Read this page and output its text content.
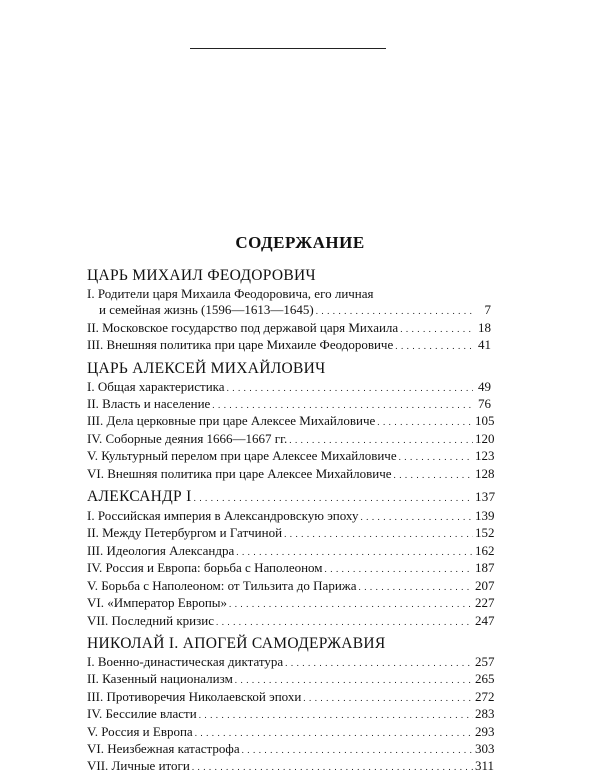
СОДЕРЖАНИЕ
ЦАРЬ МИХАИЛ ФЕОДОРОВИЧ
I. Родители царя Михаила Феодоровича, его личная
и семейная жизнь (1596—1613—1645) . . .	7
II. Московское государство под державой царя Михаила . . .	18
III. Внешняя политика при царе Михаиле Феодоровиче . . .	41
ЦАРЬ АЛЕКСЕЙ МИХАЙЛОВИЧ
I. Общая характеристика . . .	49
II. Власть и население . . .	76
III. Дела церковные при царе Алексее Михайловиче . . .	105
IV. Соборные деяния 1666—1667 гг. . . .	120
V. Культурный перелом при царе Алексее Михайловиче . . .	123
VI. Внешняя политика при царе Алексее Михайловиче . . .	128
АЛЕКСАНДР I . . .	137
I. Российская империя в Александровскую эпоху . . .	139
II. Между Петербургом и Гатчиной . . .	152
III. Идеология Александра . . .	162
IV. Россия и Европа: борьба с Наполеоном . . .	187
V. Борьба с Наполеоном: от Тильзита до Парижа . . .	207
VI. «Император Европы» . . .	227
VII. Последний кризис . . .	247
НИКОЛАЙ I. АПОГЕЙ САМОДЕРЖАВИЯ
I. Военно-династическая диктатура . . .	257
II. Казенный национализм . . .	265
III. Противоречия Николаевской эпохи . . .	272
IV. Бессилие власти . . .	283
V. Россия и Европа . . .	293
VI. Неизбежная катастрофа . . .	303
VII. Личные итоги . . .	311
